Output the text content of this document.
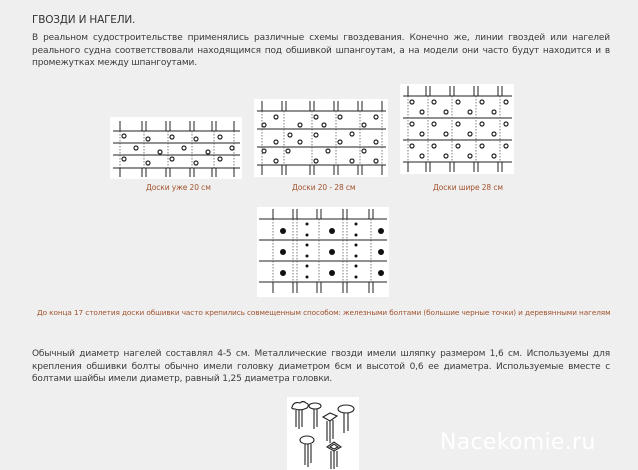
ГВОЗДИ И НАГЕЛИ.
В реальном судостроительстве применялись различные схемы гвоздевания. Конечно же, линии гвоздей или нагелей реального судна соответствовали находящимся под обшивкой шпангоутам, а на модели они часто будут находится и в промежутках между шпангоутами.
Доски уже 20 см	Доски 20 - 28 см	Доски шире 28 см
До конца 17 столетия доски обшивки часто крепились совмещенным способом: железными болтами (большие черные точки) и деревянными нагелям
Обычный диаметр нагелей составлял 4-5 см. Металлические гвозди имели шляпку размером 1,6 см. Используемы для крепления обшивки болты обычно имели головку диаметром 6см и высотой 0,6 ее диаметра. Используемые вместе с болтами шайбы имели диаметр, равный 1,25 диаметра головки.
Nacekomie.ru
